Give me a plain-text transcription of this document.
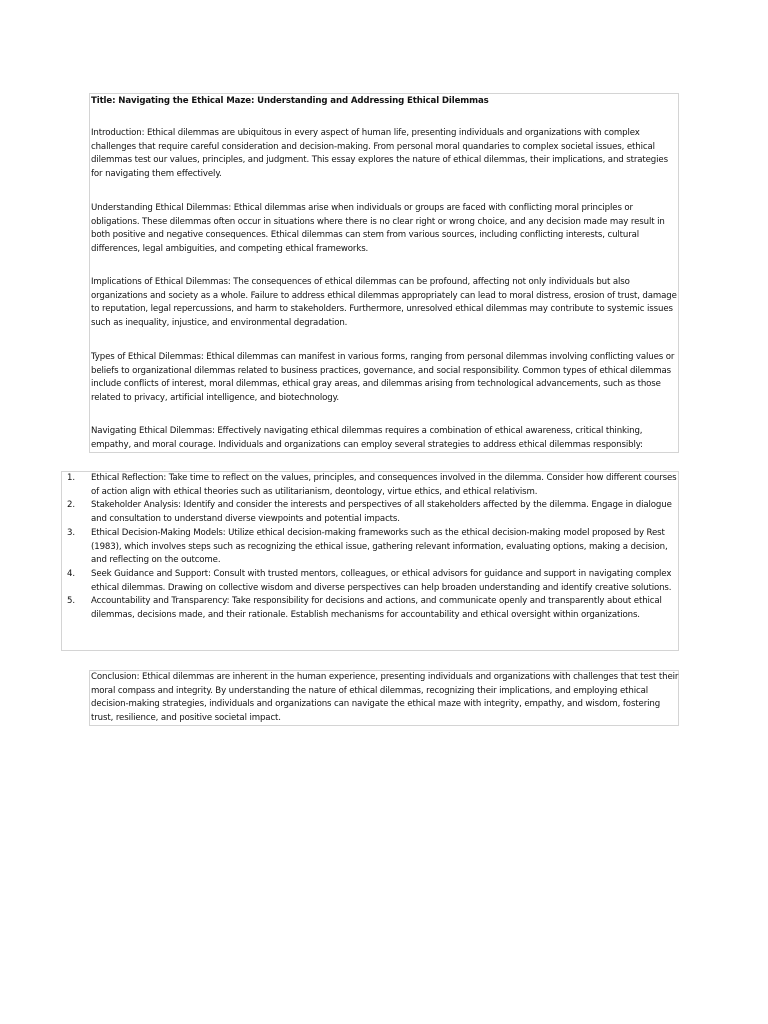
Title: Navigating the Ethical Maze: Understanding and Addressing Ethical Dilemmas

Introduction: Ethical dilemmas are ubiquitous in every aspect of human life, presenting individuals and organizations with complex challenges that require careful consideration and decision-making. From personal moral quandaries to complex societal issues, ethical dilemmas test our values, principles, and judgment. This essay explores the nature of ethical dilemmas, their implications, and strategies for navigating them effectively.

Understanding Ethical Dilemmas: Ethical dilemmas arise when individuals or groups are faced with conflicting moral principles or obligations. These dilemmas often occur in situations where there is no clear right or wrong choice, and any decision made may result in both positive and negative consequences. Ethical dilemmas can stem from various sources, including conflicting interests, cultural differences, legal ambiguities, and competing ethical frameworks.

Implications of Ethical Dilemmas: The consequences of ethical dilemmas can be profound, affecting not only individuals but also organizations and society as a whole. Failure to address ethical dilemmas appropriately can lead to moral distress, erosion of trust, damage to reputation, legal repercussions, and harm to stakeholders. Furthermore, unresolved ethical dilemmas may contribute to systemic issues such as inequality, injustice, and environmental degradation.

Types of Ethical Dilemmas: Ethical dilemmas can manifest in various forms, ranging from personal dilemmas involving conflicting values or beliefs to organizational dilemmas related to business practices, governance, and social responsibility. Common types of ethical dilemmas include conflicts of interest, moral dilemmas, ethical gray areas, and dilemmas arising from technological advancements, such as those related to privacy, artificial intelligence, and biotechnology.

Navigating Ethical Dilemmas: Effectively navigating ethical dilemmas requires a combination of ethical awareness, critical thinking, empathy, and moral courage. Individuals and organizations can employ several strategies to address ethical dilemmas responsibly:

1. Ethical Reflection: Take time to reflect on the values, principles, and consequences involved in the dilemma. Consider how different courses of action align with ethical theories such as utilitarianism, deontology, virtue ethics, and ethical relativism.
2. Stakeholder Analysis: Identify and consider the interests and perspectives of all stakeholders affected by the dilemma. Engage in dialogue and consultation to understand diverse viewpoints and potential impacts.
3. Ethical Decision-Making Models: Utilize ethical decision-making frameworks such as the ethical decision-making model proposed by Rest (1983), which involves steps such as recognizing the ethical issue, gathering relevant information, evaluating options, making a decision, and reflecting on the outcome.
4. Seek Guidance and Support: Consult with trusted mentors, colleagues, or ethical advisors for guidance and support in navigating complex ethical dilemmas. Drawing on collective wisdom and diverse perspectives can help broaden understanding and identify creative solutions.
5. Accountability and Transparency: Take responsibility for decisions and actions, and communicate openly and transparently about ethical dilemmas, decisions made, and their rationale. Establish mechanisms for accountability and ethical oversight within organizations.

Conclusion: Ethical dilemmas are inherent in the human experience, presenting individuals and organizations with challenges that test their moral compass and integrity. By understanding the nature of ethical dilemmas, recognizing their implications, and employing ethical decision-making strategies, individuals and organizations can navigate the ethical maze with integrity, empathy, and wisdom, fostering trust, resilience, and positive societal impact.
